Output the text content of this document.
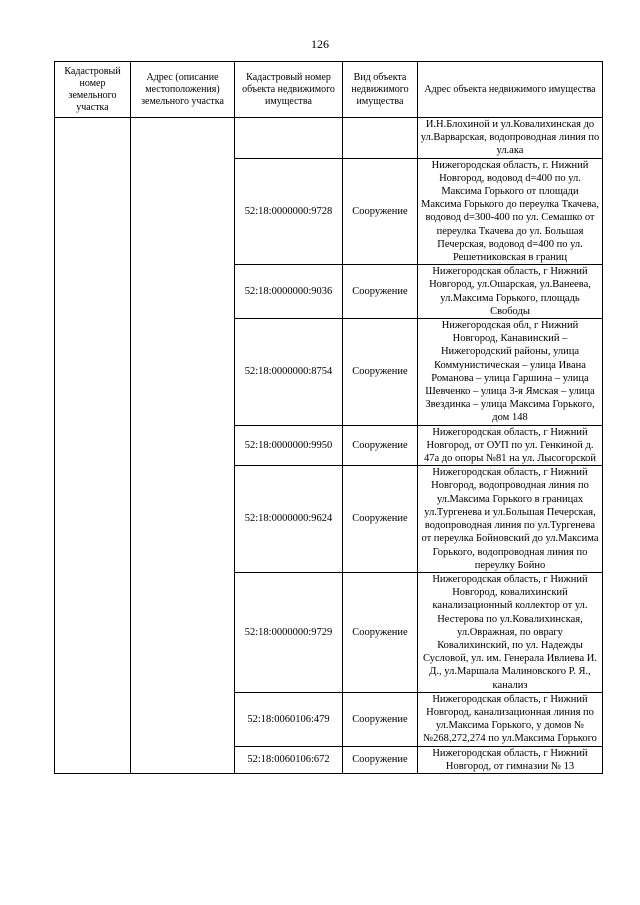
126
Кадастровый номер земельного участка	Адрес (описание местоположения) земельного участка	Кадастровый номер объекта недвижимого имущества	Вид объекта недвижимого имущества	Адрес объекта недвижимого имущества
				И.Н.Блохиной и ул.Ковалихинская до ул.Варварская, водопроводная линия по ул.ака
		52:18:0000000:9728	Сооружение	Нижегородская область, г. Нижний Новгород, водовод d=400 по ул. Максима Горького от площади Максима Горького до переулка Ткачева, водовод d=300-400 по ул. Семашко от переулка Ткачева до ул. Большая Печерская, водовод d=400 по ул. Решетниковская в границ
		52:18:0000000:9036	Сооружение	Нижегородская область, г Нижний Новгород, ул.Ошарская, ул.Ванеева, ул.Максима Горького, площадь Свободы
		52:18:0000000:8754	Сооружение	Нижегородская обл, г Нижний Новгород, Канавинский – Нижегородский районы, улица Коммунистическая – улица Ивана Романова – улица Гаршина – улица Шевченко – улица 3-я Ямская – улица Звездинка – улица Максима Горького, дом 148
		52:18:0000000:9950	Сооружение	Нижегородская область, г Нижний Новгород, от ОУП по ул. Генкиной д. 47а до опоры №81 на ул. Лысогорской
		52:18:0000000:9624	Сооружение	Нижегородская область, г Нижний Новгород, водопроводная линия по ул.Максима Горького в границах ул.Тургенева и ул.Большая Печерская, водопроводная линия по ул.Тургенева от переулка Бойновский до ул.Максима Горького, водопроводная линия по переулку Бойно
		52:18:0000000:9729	Сооружение	Нижегородская область, г Нижний Новгород, ковалихинский канализационный коллектор от ул. Нестерова по ул.Ковалихинская, ул.Овражная, по оврагу Ковалихинский, по ул. Надежды Сусловой, ул. им. Генерала Ивлиева И. Д., ул.Маршала Малиновского Р. Я., канализ
		52:18:0060106:479	Сооружение	Нижегородская область, г Нижний Новгород, канализационная линия по ул.Максима Горького, у домов №№268,272,274 по ул.Максима Горького
		52:18:0060106:672	Сооружение	Нижегородская область, г Нижний Новгород, от гимназии № 13
